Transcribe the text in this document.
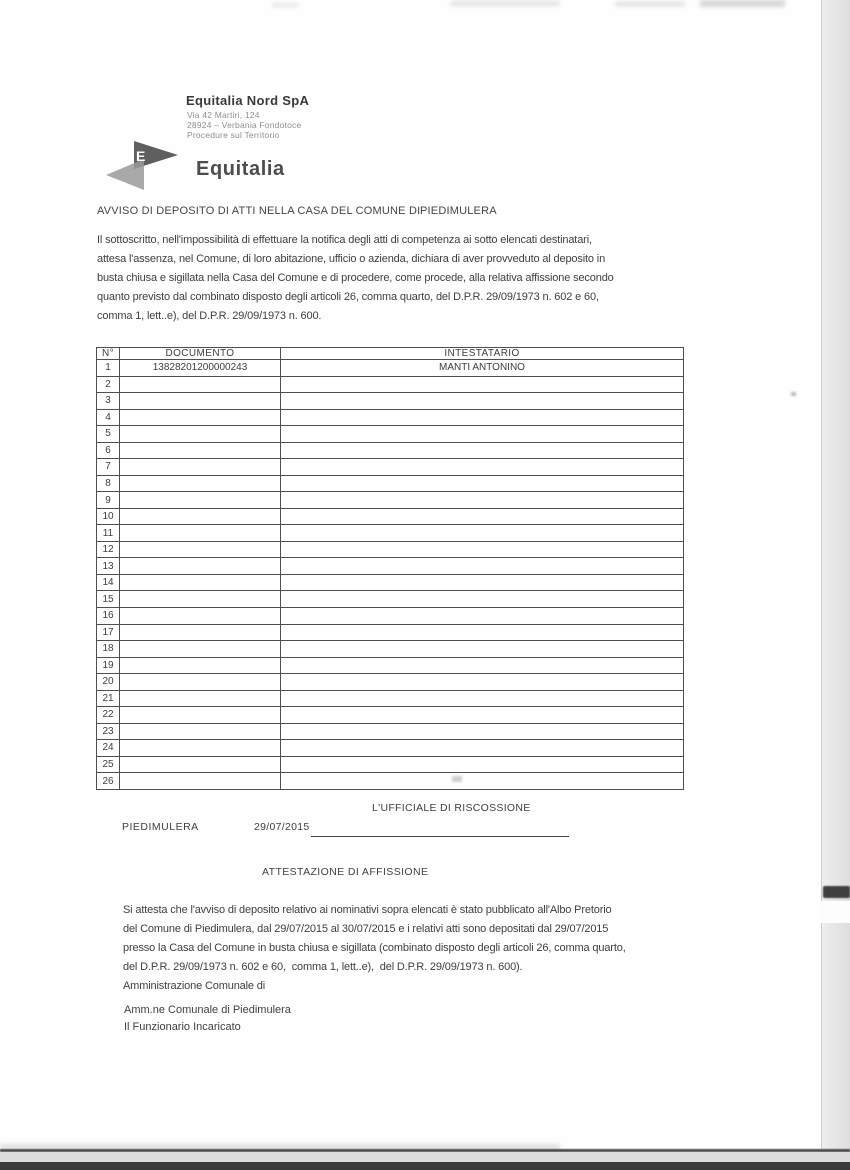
Equitalia Nord SpA
Via 42 Martiri, 124
28924 – Verbania Fondotoce
Procedure sul Territorio
E
Equitalia
AVVISO DI DEPOSITO DI ATTI NELLA CASA DEL COMUNE DI PIEDIMULERA
Il sottoscritto, nell'impossibilità di effettuare la notifica degli atti di competenza ai sotto elencati destinatari,
attesa l'assenza, nel Comune, di loro abitazione, ufficio o azienda, dichiara di aver provveduto al deposito in
busta chiusa e sigillata nella Casa del Comune e di procedere, come procede, alla relativa affissione secondo
quanto previsto dal combinato disposto degli articoli 26, comma quarto, del D.P.R. 29/09/1973 n. 602 e 60,
comma 1, lett..e), del D.P.R. 29/09/1973 n. 600.
N°	DOCUMENTO	INTESTATARIO
1	13828201200000243	MANTI ANTONINO
2		
3		
4		
5		
6		
7		
8		
9		
10		
11		
12		
13		
14		
15		
16		
17		
18		
19		
20		
21		
22		
23		
24		
25		
26		
L'UFFICIALE DI RISCOSSIONE
PIEDIMULERA	29/07/2015
ATTESTAZIONE DI AFFISSIONE
Si attesta che l'avviso di deposito relativo ai nominativi sopra elencati è stato pubblicato all'Albo Pretorio
del Comune di Piedimulera, dal 29/07/2015 al 30/07/2015 e i relativi atti sono depositati dal 29/07/2015
presso la Casa del Comune in busta chiusa e sigillata (combinato disposto degli articoli 26, comma quarto,
del D.P.R. 29/09/1973 n. 602 e 60,  comma 1, lett..e),  del D.P.R. 29/09/1973 n. 600).
Amministrazione Comunale di
Amm.ne Comunale di Piedimulera
Il Funzionario Incaricato
